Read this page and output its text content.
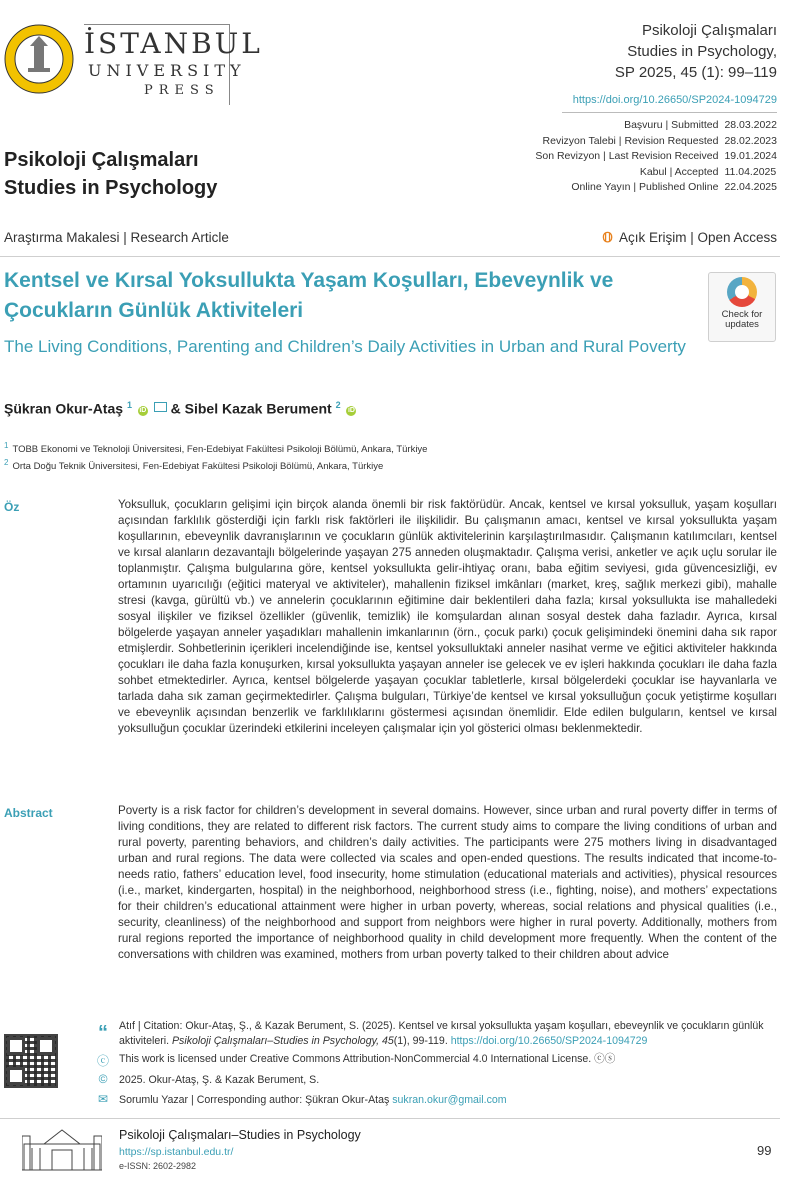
İSTANBUL
UNIVERSITY
PRESS
Psikoloji Çalışmaları
Studies in Psychology,
SP 2025, 45 (1): 99–119
https://doi.org/10.26650/SP2024-1094729
Başvuru | Submitted	28.03.2022
Revizyon Talebi | Revision Requested	28.02.2023
Son Revizyon | Last Revision Received	19.01.2024
Kabul | Accepted	11.04.2025
Online Yayın | Published Online	22.04.2025
Psikoloji Çalışmaları
Studies in Psychology
Araştırma Makalesi | Research Article	𝕆 Açık Erişim | Open Access
Kentsel ve Kırsal Yoksullukta Yaşam Koşulları, Ebeveynlik ve Çocukların Günlük Aktiviteleri
The Living Conditions, Parenting and Children’s Daily Activities in Urban and Rural Poverty
Check for
updates
Şükran Okur-Ataş $^1$ iD & Sibel Kazak Berument $^2$ iD
$^1$ TOBB Ekonomi ve Teknoloji Üniversitesi, Fen-Edebiyat Fakültesi Psikoloji Bölümü, Ankara, Türkiye
$^2$ Orta Doğu Teknik Üniversitesi, Fen-Edebiyat Fakültesi Psikoloji Bölümü, Ankara, Türkiye
Öz	Yoksulluk, çocukların gelişimi için birçok alanda önemli bir risk faktörüdür. Ancak, kentsel ve kırsal yoksulluk, yaşam koşulları açısından farklılık gösterdiği için farklı risk faktörleri ile ilişkilidir. Bu çalışmanın amacı, kentsel ve kırsal yoksullukta yaşam koşullarının, ebeveynlik davranışlarının ve çocukların günlük aktivitelerinin karşılaştırılmasıdır. Çalışmanın katılımcıları, kentsel ve kırsal alanların dezavantajlı bölgelerinde yaşayan 275 anneden oluşmaktadır. Çalışma verisi, anketler ve açık uçlu sorular ile toplanmıştır. Çalışma bulgularına göre, kentsel yoksullukta gelir-ihtiyaç oranı, baba eğitim seviyesi, gıda güvencesizliği, ev ortamının uyarıcılığı (eğitici materyal ve aktiviteler), mahallenin fiziksel imkânları (market, kreş, sağlık merkezi gibi), mahalle stresi (kavga, gürültü vb.) ve annelerin çocuklarının eğitimine dair beklentileri daha fazla; kırsal yoksullukta ise mahalledeki sosyal ilişkiler ve fiziksel özellikler (güvenlik, temizlik) ile komşulardan alınan sosyal destek daha fazladır. Ayrıca, kırsal bölgelerde yaşayan anneler yaşadıkları mahallenin imkanlarının (örn., çocuk parkı) çocuk gelişimindeki önemini daha sık rapor etmişlerdir. Sohbetlerinin içerikleri incelendiğinde ise, kentsel yoksulluktaki anneler nasihat verme ve eğitici aktiviteler hakkında çocukları ile daha fazla konuşurken, kırsal yoksullukta yaşayan anneler ise gelecek ve ev işleri hakkında çocukları ile daha fazla sohbet etmektedirler. Ayrıca, kentsel bölgelerde yaşayan çocuklar tabletlerle, kırsal bölgelerdeki çocuklar ise hayvanlarla ve tarlada daha sık zaman geçirmektedirler. Çalışma bulguları, Türkiye’de kentsel ve kırsal yoksulluğun çocuk yetiştirme koşulları ve ebeveynlik açısından benzerlik ve farklılıklarını göstermesi açısından önemlidir. Elde edilen bulguların, kentsel ve kırsal yoksulluğun çocuklar üzerindeki etkilerini inceleyen çalışmalar için yol gösterici olması beklenmektedir.
Abstract	Poverty is a risk factor for children’s development in several domains. However, since urban and rural poverty differ in terms of living conditions, they are related to different risk factors. The current study aims to compare the living conditions of urban and rural poverty, parenting behaviors, and children’s daily activities. The participants were 275 mothers living in disadvantaged urban and rural regions. The data were collected via scales and open-ended questions. The results indicated that income-to-needs ratio, fathers’ education level, food insecurity, home stimulation (educational materials and activities), physical resources (i.e., market, kindergarten, hospital) in the neighborhood, neighborhood stress (i.e., fighting, noise), and mothers’ expectations for their children’s educational attainment were higher in urban poverty, whereas, social relations and physical qualities (i.e., security, cleanliness) of the neighborhood and support from neighbors were higher in rural poverty. Additionally, mothers from rural regions reported the importance of neighborhood quality in child development more frequently. When the content of the conversations with children was examined, mothers from urban poverty talked to their children about advice
“	Atıf | Citation: Okur-Ataş, Ş., & Kazak Berument, S. (2025). Kentsel ve kırsal yoksullukta yaşam koşulları, ebeveynlik ve çocukların günlük aktiviteleri. Psikoloji Çalışmaları–Studies in Psychology, 45(1), 99-119. https://doi.org/10.26650/SP2024-1094729
ⓒ This work is licensed under Creative Commons Attribution-NonCommercial 4.0 International License. ⓒⓢ
©	2025. Okur-Ataş, Ş. & Kazak Berument, S.
✉	Sorumlu Yazar | Corresponding author: Şükran Okur-Ataş sukran.okur@gmail.com
Psikoloji Çalışmaları–Studies in Psychology
https://sp.istanbul.edu.tr/
e-ISSN: 2602-2982
99
